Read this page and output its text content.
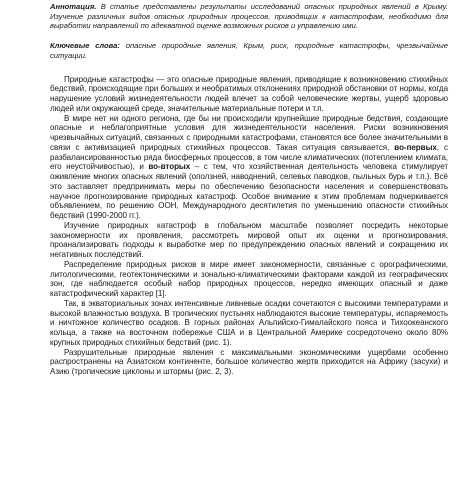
Аннотация. В статье представлены результаты исследований опасных природных явлений в Крыму. Изучение различных видов опасных природных процессов, приводящих к катастрофам, необходимо для выработки направлений по адекватной оценке возможных рисков и управлению ими.

Ключевые слова: опасные природные явления, Крым, риск, природные катастрофы, чрезвычайные ситуации.

Природные катастрофы — это опасные природные явления, приводящие к возникновению стихийных бедствий, происходящие при больших и необратимых отклонениях природной обстановки от нормы, когда нарушение условий жизнедеятельности людей влечет за собой человеческие жертвы, ущерб здоровью людей или окружающей среде, значительные материальные потери и т.п.

В мире нет ни одного региона, где бы ни происходили крупнейшие природные бедствия, создающие опасные и неблагоприятные условия для жизнедеятельности населения. Риски возникновения чрезвычайных ситуаций, связанных с природными катастрофами, становятся все более значительными в связи с активизацией природных стихийных процессов. Такая ситуация связывается, во-первых, с разбалансированностью ряда биосферных процессов, в том числе климатических (потеплением климата, его неустойчивостью), и во-вторых – с тем, что хозяйственная деятельность человека стимулирует оживление многих опасных явлений (оползней, наводнений, селевых паводков, пыльных бурь и т.п.). Всё это заставляет предпринимать меры по обеспечению безопасности населения и совершенствовать научное прогнозирование природных катастроф. Особое внимание к этим проблемам подчеркивается объявлением, по решению ООН, Международного десятилетия по уменьшению опасности стихийных бедствий (1990-2000 гг.).

Изучение природных катастроф в глобальном масштабе позволяет посредить некоторые закономерности их проявления, рассмотреть мировой опыт их оценки и прогнозирования, проанализировать подходы к выработке мер по предупреждению опасных явлений и сокращению их негативных последствий.

Распределение природных рисков в мире имеет закономерности, связанные с орографическими, литологическими, геотектоническими и зонально-климатическими факторами каждой из географических зон, где наблюдается особый набор природных процессов, нередко имеющих опасный и даже катастрофический характер [1].

Так, в экваториальных зонах интенсивные ливневые осадки сочетаются с высокими температурами и высокой влажностью воздуха. В тропических пустынях наблюдаются высокие температуры, испаряемость и ничтожное количество осадков. В горных районах Альпийско-Гималайского пояса и Тихоокеанского кольца, а также на восточном побережье США и в Центральной Америке сосредоточено около 80% крупных природных стихийных бедствий (рис. 1).

Разрушительные природные явления с максимальными экономическими ущербами особенно распространены на Азиатском континенте, большое количество жертв приходится на Африку (засухи) и Азию (тропические циклоны и штормы (рис. 2, 3).
